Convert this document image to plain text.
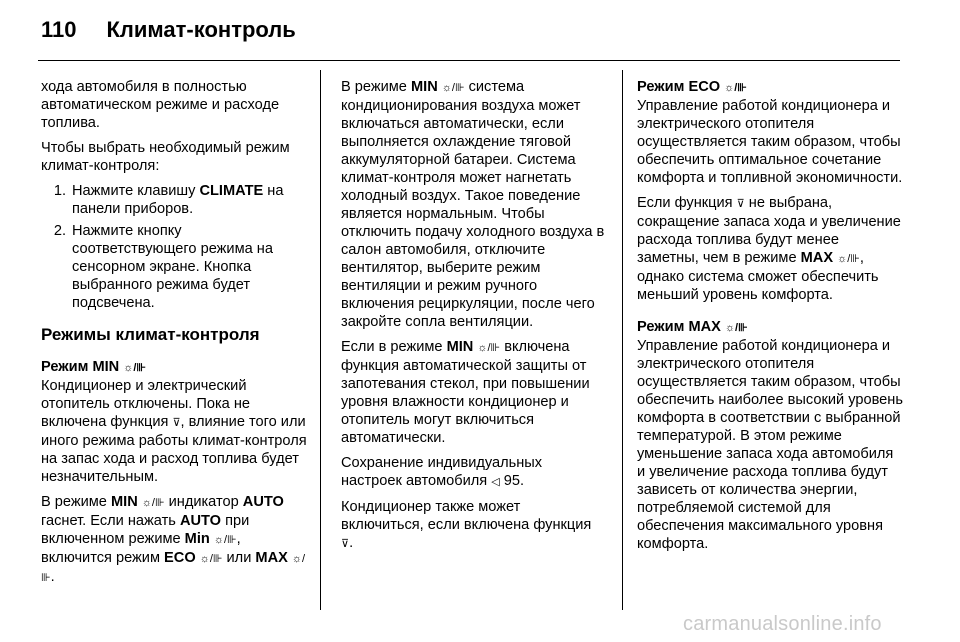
110 Климат-контроль

хода автомобиля в полностью автоматическом режиме и расходе топлива.

Чтобы выбрать необходимый режим климат-контроля:

1. Нажмите клавишу CLIMATE на панели приборов.
2. Нажмите кнопку соответствующего режима на сенсорном экране. Кнопка выбранного режима будет подсвечена.
Режимы климат-контроля
Режим MIN ☼/⊪

Кондиционер и электрический отопитель отключены. Пока не включена функция ⊽, влияние того или иного режима работы климат-контроля на запас хода и расход топлива будет незначительным.

В режиме MIN ☼/⊪ индикатор AUTO гаснет. Если нажать AUTO при включенном режиме Min ☼/⊪, включится режим ECO ☼/⊪ или MAX ☼/⊪.

В режиме MIN ☼/⊪ система кондиционирования воздуха может включаться автоматически, если выполняется охлаждение тяговой аккумуляторной батареи. Система климат-контроля может нагнетать холодный воздух. Такое поведение является нормальным. Чтобы отключить подачу холодного воздуха в салон автомобиля, отключите вентилятор, выберите режим вентиляции и режим ручного включения рециркуляции, после чего закройте сопла вентиляции.

Если в режиме MIN ☼/⊪ включена функция автоматической защиты от запотевания стекол, при повышении уровня влажности кондиционер и отопитель могут включиться автоматически.

Сохранение индивидуальных настроек автомобиля ◁ 95.

Кондиционер также может включиться, если включена функция ⊽.

Режим ECO ☼/⊪

Управление работой кондиционера и электрического отопителя осуществляется таким образом, чтобы обеспечить оптимальное сочетание комфорта и топливной экономичности.

Если функция ⊽ не выбрана, сокращение запаса хода и увеличение расхода топлива будут менее заметны, чем в режиме MAX ☼/⊪, однако система сможет обеспечить меньший уровень комфорта.

Режим MAX ☼/⊪

Управление работой кондиционера и электрического отопителя осуществляется таким образом, чтобы обеспечить наиболее высокий уровень комфорта в соответствии с выбранной температурой. В этом режиме уменьшение запаса хода автомобиля и увеличение расхода топлива будут зависеть от количества энергии, потребляемой системой для обеспечения максимального уровня комфорта.

carmanualsonline.info
